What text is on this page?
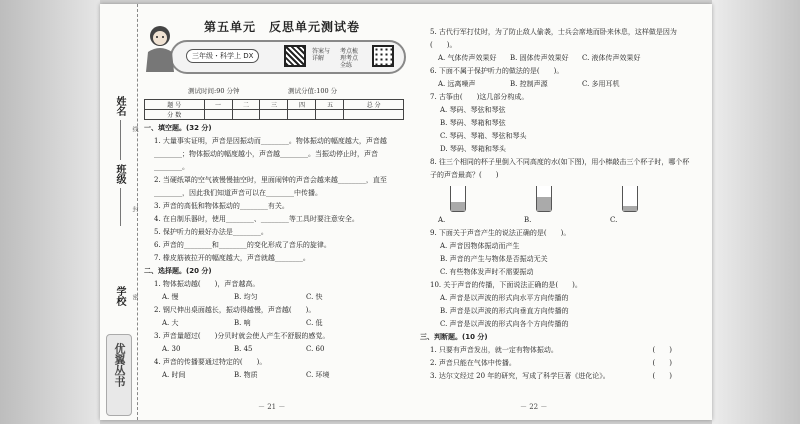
姓名
线
班级
封
学校	密
优翼丛书
第五单元　反思单元测试卷
三年级・科学上 DX
答案与详解
考点梳理考点全练
测试时间:90 分钟	测试分值:100 分
题 号	一	二	三	四	五	总 分
分 数						
一、填空题。(32 分)
1. 大量事实证明，声音是因振动而________。物体振动的幅度越大，声音越________；物体振动的幅度越小，声音越________。当振动停止时，声音________。
2. 当硬纸罩的空气被慢慢抽空时，里面闹钟的声音会越来越________，直至________，因此我们知道声音可以在________中传播。
3. 声音的高低和物体振动的________有关。
4. 在自制乐器时，使用________、________等工具时要注意安全。
5. 保护听力的最好办法是________。
6. 声音的________和________的变化形成了音乐的旋律。
7. 橡皮筋被拉开的幅度越大，声音就越________。
二、选择题。(20 分)
1. 物体振动越(　　)，声音越高。
A. 慢	B. 均匀	C. 快
2. 钢尺伸出桌面越长，振动得越慢，声音越(　　)。
A. 大	B. 响	C. 低
3. 声音量超过(　　)分贝时就会使人产生不舒服的感觉。
A. 30	B. 45	C. 60
4. 声音的传播要通过特定的(　　)。
A. 时间	B. 物质	C. 环境
－ 21 －
5. 古代行军打仗时，为了防止敌人偷袭，士兵会席地而卧来休息，这样做是因为(　　)。
A. 气体传声效果好	B. 固体传声效果好	C. 液体传声效果好
6. 下面不属于保护听力的做法的是(　　)。
A. 远离噪声	B. 控制声源	C. 多用耳机
7. 古筝由(　　)这几部分构成。
A. 琴码、琴弦和琴弦
B. 琴码、琴箱和琴弦
C. 琴码、琴箱、琴弦和琴头
D. 琴码、琴箱和琴头
8. 往三个相同的杯子里倒入不同高度的水(如下图)，用小棒敲击三个杯子时，哪个杯子的声音最高？(　　)
A.	B.	C.
9. 下面关于声音产生的说法正确的是(　　)。
A. 声音因物体振动而产生
B. 声音的产生与物体是否振动无关
C. 有些物体发声时不需要振动
10. 关于声音的传播，下面说法正确的是(　　)。
A. 声音是以声波的形式向水平方向传播的
B. 声音是以声波的形式向垂直方向传播的
C. 声音是以声波的形式向各个方向传播的
三、判断题。(10 分)
1. 只要有声音发出，就一定有物体振动。	(　　)
2. 声音只能在气体中传播。	(　　)
3. 达尔文经过 20 年的研究，写成了科学巨著《进化论》。	(　　)
－ 22 －
